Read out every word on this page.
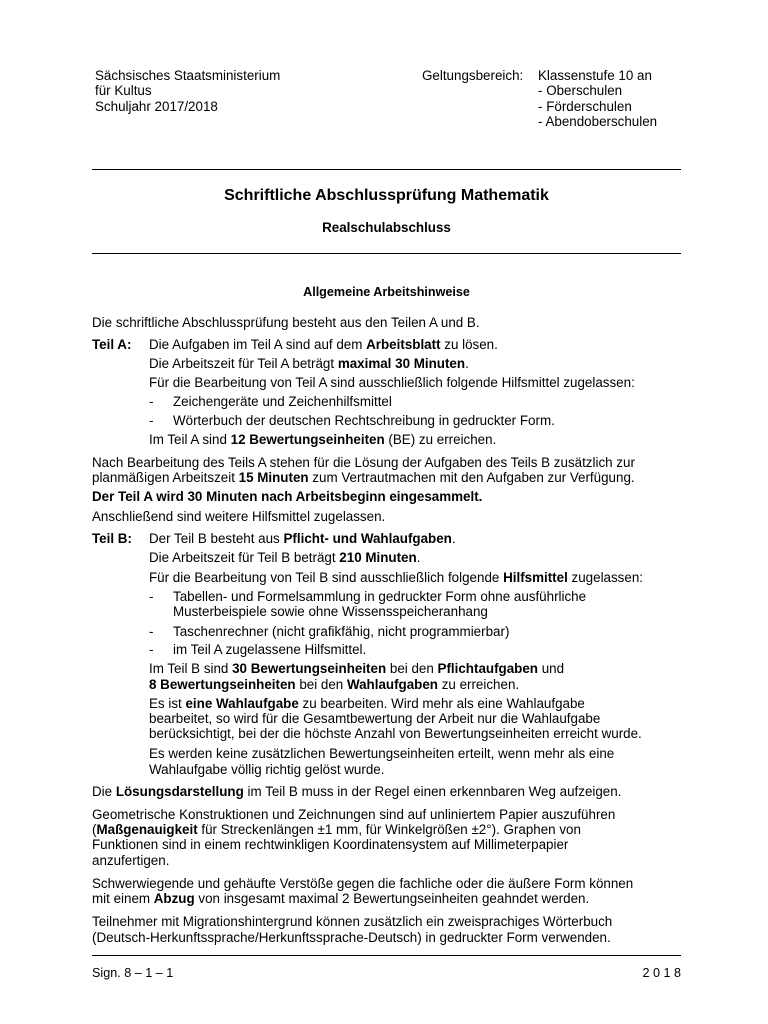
Sächsisches Staatsministerium
für Kultus
Schuljahr 2017/2018
Geltungsbereich: Klassenstufe 10 an
- Oberschulen
- Förderschulen
- Abendoberschulen
Schriftliche Abschlussprüfung Mathematik
Realschulabschluss
Allgemeine Arbeitshinweise
Die schriftliche Abschlussprüfung besteht aus den Teilen A und B.
Teil A: Die Aufgaben im Teil A sind auf dem Arbeitsblatt zu lösen.
Die Arbeitszeit für Teil A beträgt maximal 30 Minuten.
Für die Bearbeitung von Teil A sind ausschließlich folgende Hilfsmittel zugelassen:
- Zeichengeräte und Zeichenhilfsmittel
- Wörterbuch der deutschen Rechtschreibung in gedruckter Form.
Im Teil A sind 12 Bewertungseinheiten (BE) zu erreichen.
Nach Bearbeitung des Teils A stehen für die Lösung der Aufgaben des Teils B zusätzlich zur
planmäßigen Arbeitszeit 15 Minuten zum Vertrautmachen mit den Aufgaben zur Verfügung.
Der Teil A wird 30 Minuten nach Arbeitsbeginn eingesammelt.
Anschließend sind weitere Hilfsmittel zugelassen.
Teil B: Der Teil B besteht aus Pflicht- und Wahlaufgaben.
Die Arbeitszeit für Teil B beträgt 210 Minuten.
Für die Bearbeitung von Teil B sind ausschließlich folgende Hilfsmittel zugelassen:
- Tabellen- und Formelsammlung in gedruckter Form ohne ausführliche
Musterbeispiele sowie ohne Wissensspeicheranhang
- Taschenrechner (nicht grafikfähig, nicht programmierbar)
- im Teil A zugelassene Hilfsmittel.
Im Teil B sind 30 Bewertungseinheiten bei den Pflichtaufgaben und
8 Bewertungseinheiten bei den Wahlaufgaben zu erreichen.
Es ist eine Wahlaufgabe zu bearbeiten. Wird mehr als eine Wahlaufgabe
bearbeitet, so wird für die Gesamtbewertung der Arbeit nur die Wahlaufgabe
berücksichtigt, bei der die höchste Anzahl von Bewertungseinheiten erreicht wurde.
Es werden keine zusätzlichen Bewertungseinheiten erteilt, wenn mehr als eine
Wahlaufgabe völlig richtig gelöst wurde.
Die Lösungsdarstellung im Teil B muss in der Regel einen erkennbaren Weg aufzeigen.
Geometrische Konstruktionen und Zeichnungen sind auf unliniertem Papier auszuführen
(Maßgenauigkeit für Streckenlängen ±1 mm, für Winkelgrößen ±2°). Graphen von
Funktionen sind in einem rechtwinkligen Koordinatensystem auf Millimeterpapier
anzufertigen.
Schwerwiegende und gehäufte Verstöße gegen die fachliche oder die äußere Form können
mit einem Abzug von insgesamt maximal 2 Bewertungseinheiten geahndet werden.
Teilnehmer mit Migrationshintergrund können zusätzlich ein zweisprachiges Wörterbuch
(Deutsch-Herkunftssprache/Herkunftssprache-Deutsch) in gedruckter Form verwenden.
Sign. 8 – 1 – 1	2 0 1 8
